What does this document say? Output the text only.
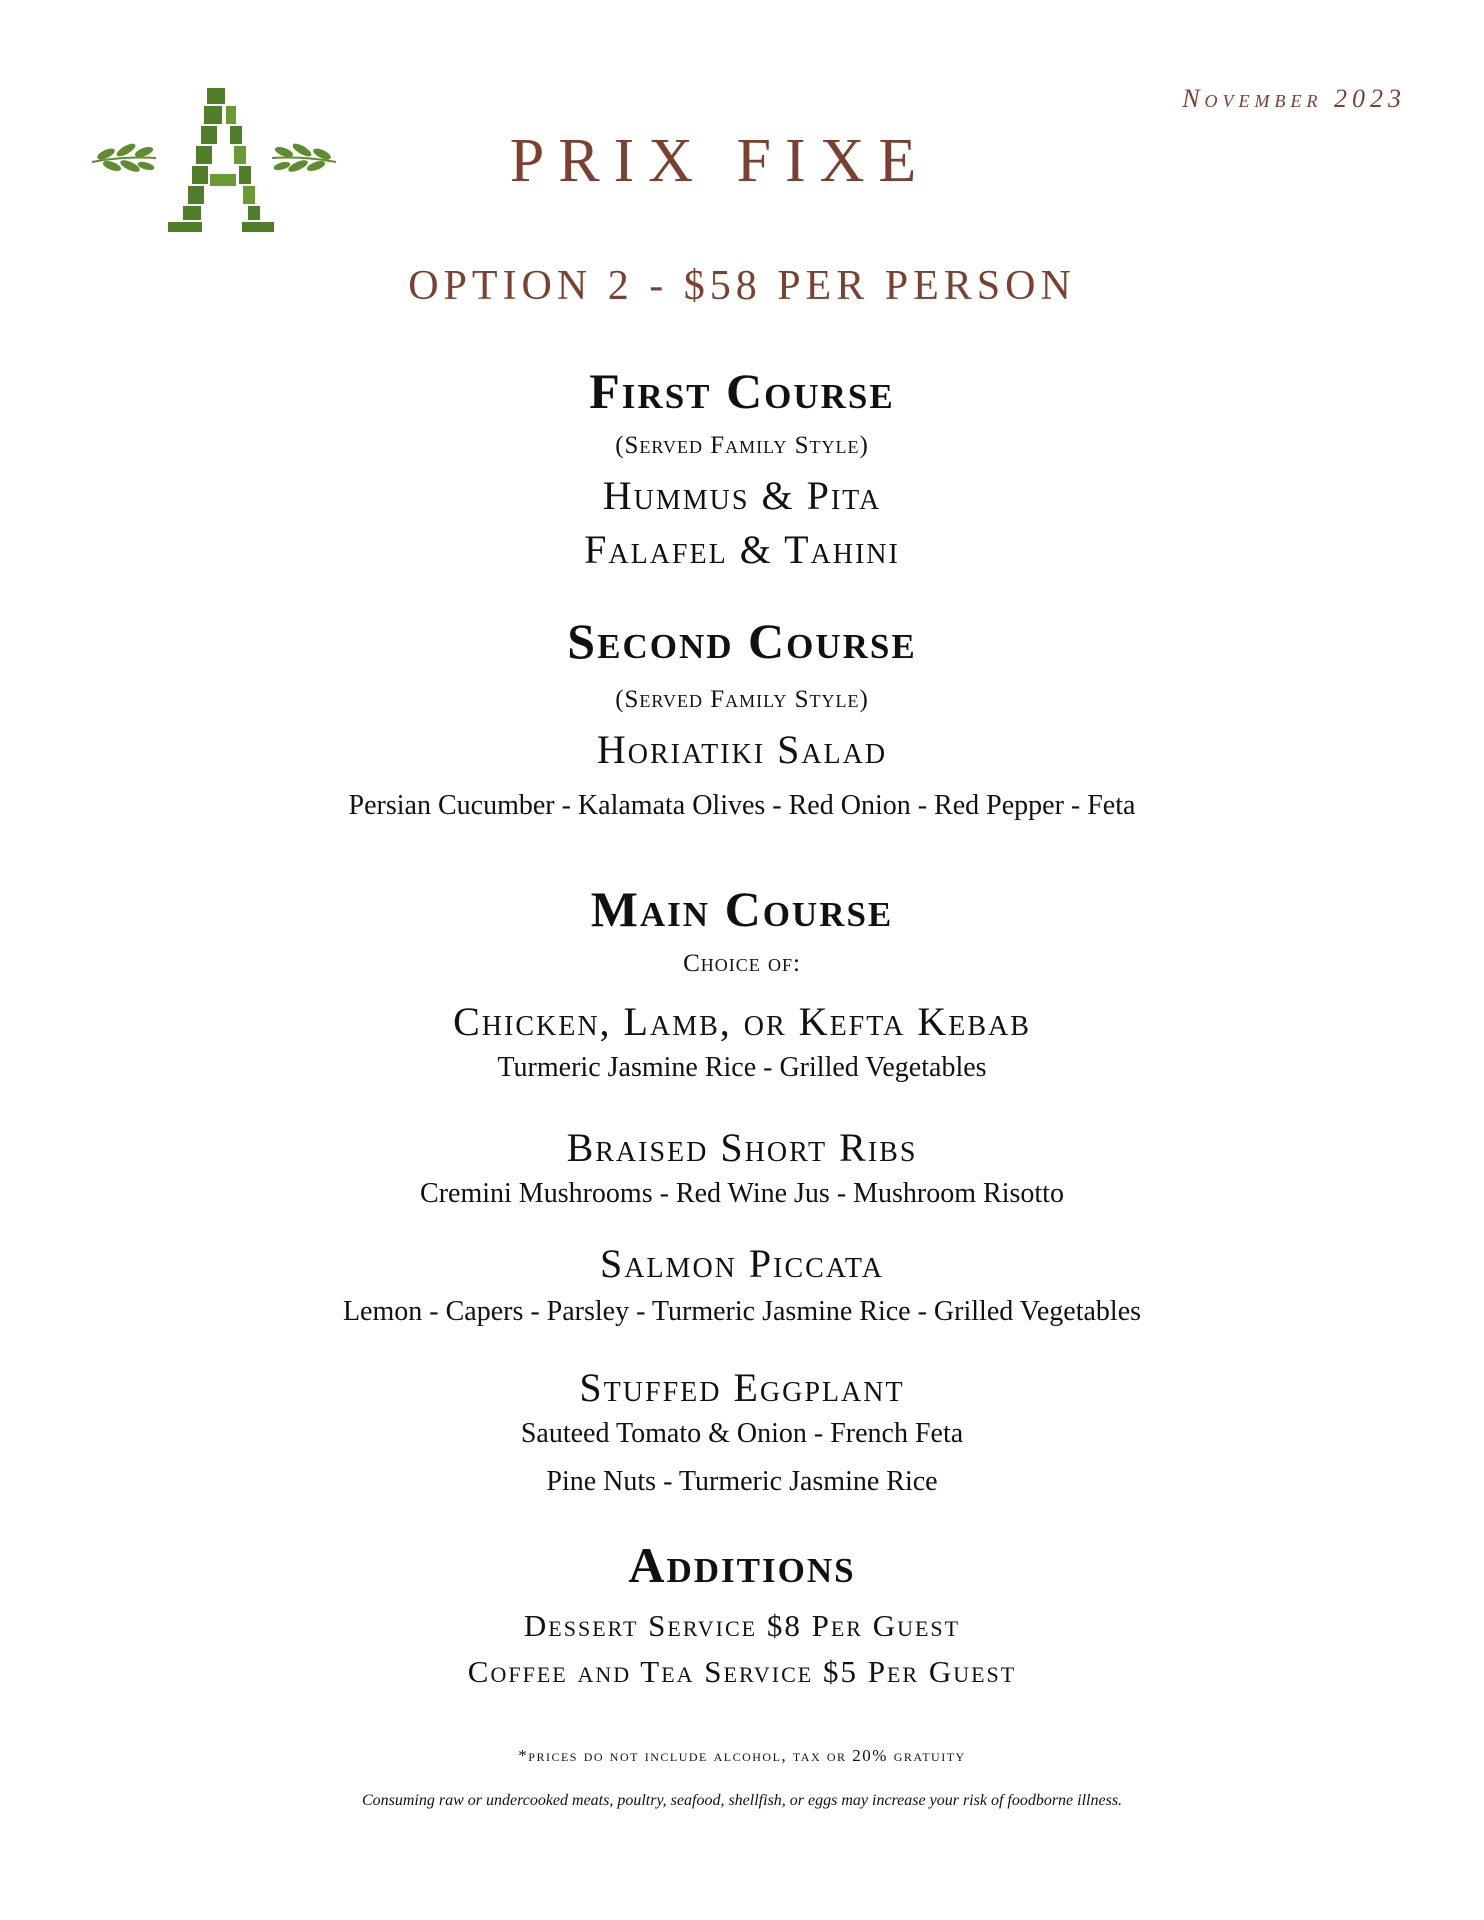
November 2023
PRIX FIXE
OPTION 2 - $58 PER PERSON
First Course
(Served Family Style)
Hummus & Pita
Falafel & Tahini
Second Course
(Served Family Style)
Horiatiki Salad
Persian Cucumber - Kalamata Olives - Red Onion - Red Pepper - Feta
Main Course
Choice of:
Chicken, Lamb, or Kefta Kebab
Turmeric Jasmine Rice - Grilled Vegetables
Braised Short Ribs
Cremini Mushrooms - Red Wine Jus - Mushroom Risotto
Salmon Piccata
Lemon - Capers - Parsley - Turmeric Jasmine Rice - Grilled Vegetables
Stuffed Eggplant
Sauteed Tomato & Onion - French Feta
Pine Nuts - Turmeric Jasmine Rice
Additions
Dessert Service $8 Per Guest
Coffee and Tea Service $5 Per Guest
*prices do not include alcohol, tax or 20% gratuity
Consuming raw or undercooked meats, poultry, seafood, shellfish, or eggs may increase your risk of foodborne illness.
